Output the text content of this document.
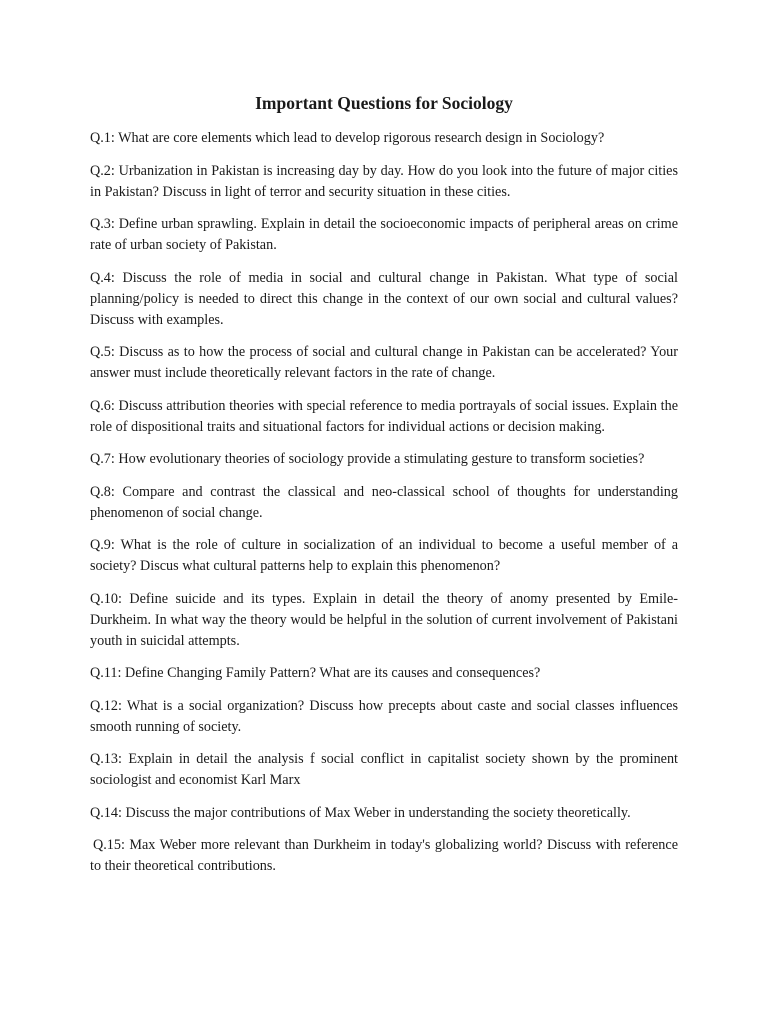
Important Questions for Sociology

Q.1: What are core elements which lead to develop rigorous research design in Sociology?

Q.2: Urbanization in Pakistan is increasing day by day. How do you look into the future of major cities in Pakistan? Discuss in light of terror and security situation in these cities.

Q.3: Define urban sprawling. Explain in detail the socioeconomic impacts of peripheral areas on crime rate of urban society of Pakistan.

Q.4: Discuss the role of media in social and cultural change in Pakistan. What type of social planning/policy is needed to direct this change in the context of our own social and cultural values? Discuss with examples.

Q.5: Discuss as to how the process of social and cultural change in Pakistan can be accelerated? Your answer must include theoretically relevant factors in the rate of change.

Q.6: Discuss attribution theories with special reference to media portrayals of social issues. Explain the role of dispositional traits and situational factors for individual actions or decision making.

Q.7: How evolutionary theories of sociology provide a stimulating gesture to transform societies?

Q.8: Compare and contrast the classical and neo-classical school of thoughts for understanding phenomenon of social change.

Q.9: What is the role of culture in socialization of an individual to become a useful member of a society? Discus what cultural patterns help to explain this phenomenon?

Q.10: Define suicide and its types. Explain in detail the theory of anomy presented by Emile-Durkheim. In what way the theory would be helpful in the solution of current involvement of Pakistani youth in suicidal attempts.

Q.11: Define Changing Family Pattern? What are its causes and consequences?

Q.12: What is a social organization? Discuss how precepts about caste and social classes influences smooth running of society.

Q.13: Explain in detail the analysis f social conflict in capitalist society shown by the prominent sociologist and economist Karl Marx

Q.14: Discuss the major contributions of Max Weber in understanding the society theoretically.

Q.15: Max Weber more relevant than Durkheim in today's globalizing world? Discuss with reference to their theoretical contributions.
